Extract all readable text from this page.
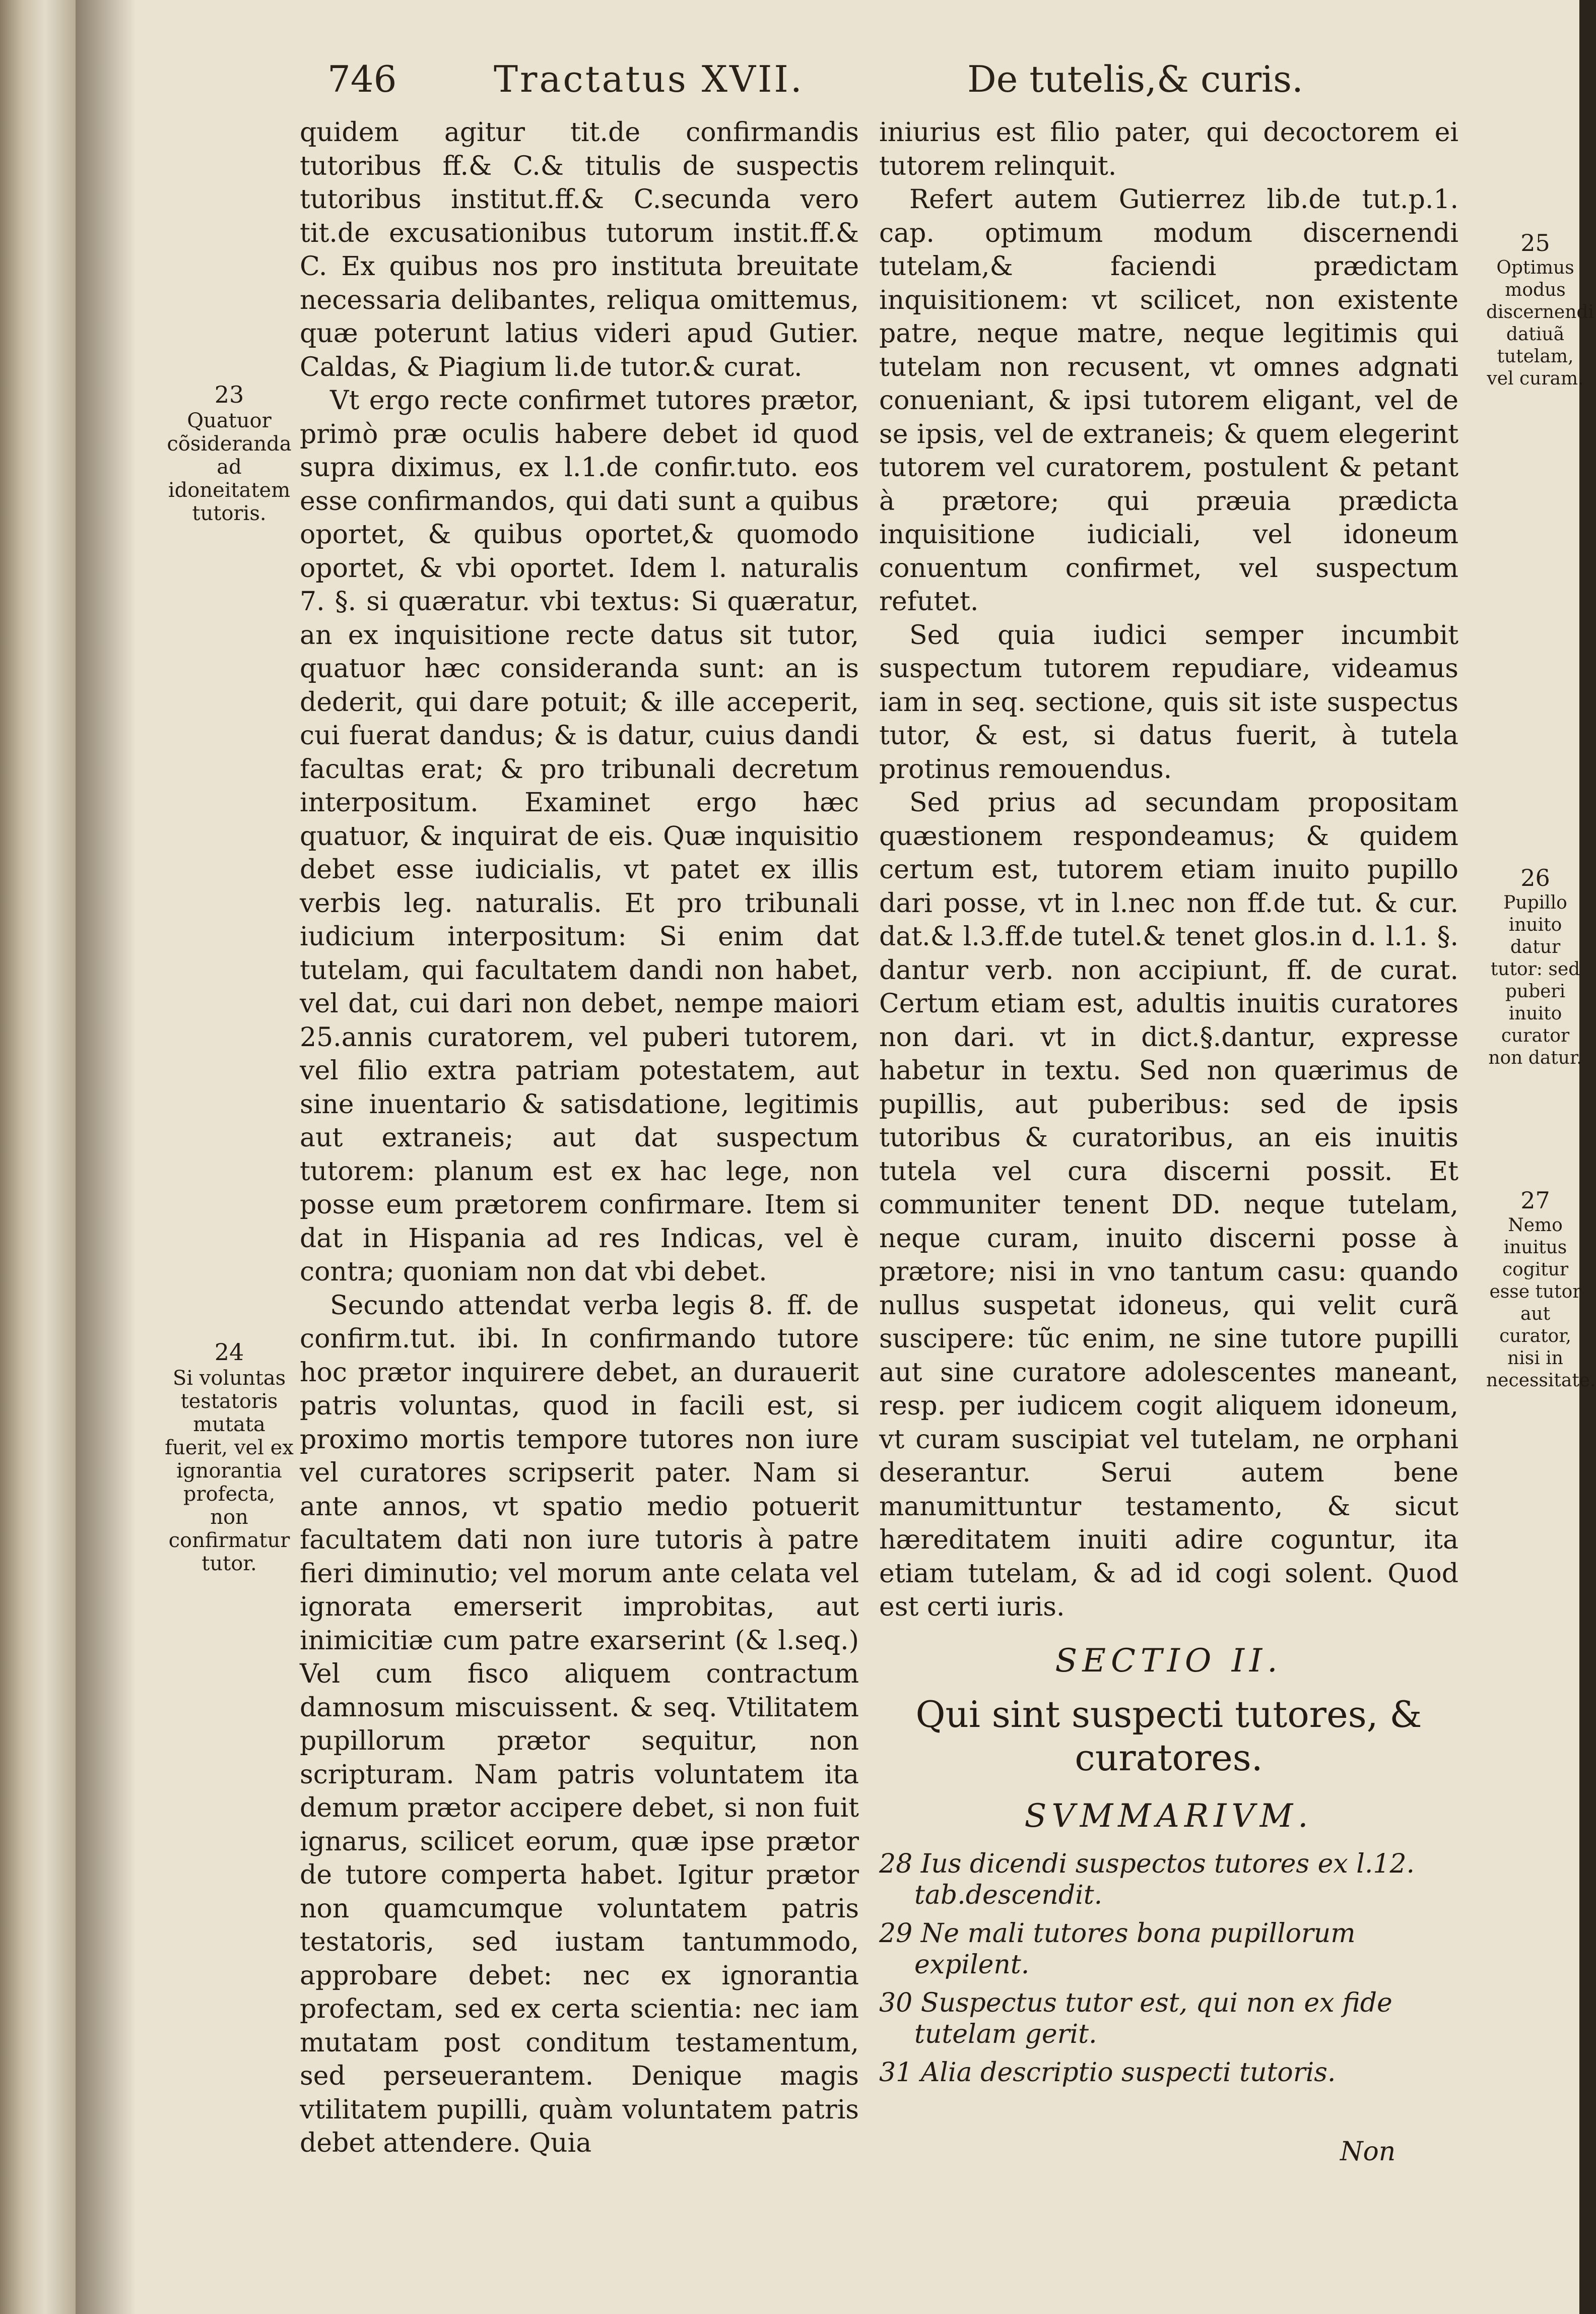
746	Tractatus XVII.	De tutelis,& curis.
23
Quatuor cõsideranda ad idoneitatem tutoris.
24
Si voluntas testatoris mutata fuerit, vel ex ignorantia profecta, non confirmatur tutor.
25
Optimus modus discernendi datiuã tutelam, vel curam.
26
Pupillo inuito datur tutor: sed puberi inuito curator non datur.
27
Nemo inuitus cogitur esse tutor aut curator, nisi in necessitate.

quidem agitur tit.de confirmandis tutoribus ff.& C.& titulis de suspectis tutoribus institut.ff.& C.secunda vero tit.de excusationibus tutorum instit.ff.& C. Ex quibus nos pro instituta breuitate necessaria delibantes, reliqua omittemus, quæ poterunt latius videri apud Gutier. Caldas, & Piagium li.de tutor.& curat.

Vt ergo recte confirmet tutores prætor, primò præ oculis habere debet id quod supra diximus, ex l.1.de confir.tuto. eos esse confirmandos, qui dati sunt a quibus oportet, & quibus oportet,& quomodo oportet, & vbi oportet. Idem l. naturalis 7. §. si quæratur. vbi textus: Si quæratur, an ex inquisitione recte datus sit tutor, quatuor hæc consideranda sunt: an is dederit, qui dare potuit; & ille acceperit, cui fuerat dandus; & is datur, cuius dandi facultas erat; & pro tribunali decretum interpositum. Examinet ergo hæc quatuor, & inquirat de eis. Quæ inquisitio debet esse iudicialis, vt patet ex illis verbis leg. naturalis. Et pro tribunali iudicium interpositum: Si enim dat tutelam, qui facultatem dandi non habet, vel dat, cui dari non debet, nempe maiori 25.annis curatorem, vel puberi tutorem, vel filio extra patriam potestatem, aut sine inuentario & satisdatione, legitimis aut extraneis; aut dat suspectum tutorem: planum est ex hac lege, non posse eum prætorem confirmare. Item si dat in Hispania ad res Indicas, vel è contra; quoniam non dat vbi debet.

Secundo attendat verba legis 8. ff. de confirm.tut. ibi. In confirmando tutore hoc prætor inquirere debet, an durauerit patris voluntas, quod in facili est, si proximo mortis tempore tutores non iure vel curatores scripserit pater. Nam si ante annos, vt spatio medio potuerit facultatem dati non iure tutoris à patre fieri diminutio; vel morum ante celata vel ignorata emerserit improbitas, aut inimicitiæ cum patre exarserint (& l.seq.) Vel cum fisco aliquem contractum damnosum miscuissent. & seq. Vtilitatem pupillorum prætor sequitur, non scripturam. Nam patris voluntatem ita demum prætor accipere debet, si non fuit ignarus, scilicet eorum, quæ ipse prætor de tutore comperta habet. Igitur prætor non quamcumque voluntatem patris testatoris, sed iustam tantummodo, approbare debet: nec ex ignorantia profectam, sed ex certa scientia: nec iam mutatam post conditum testamentum, sed perseuerantem. Denique magis vtilitatem pupilli, quàm voluntatem patris debet attendere. Quia

iniurius est filio pater, qui decoctorem ei tutorem relinquit.

Refert autem Gutierrez lib.de tut.p.1. cap. optimum modum discernendi tutelam,& faciendi prædictam inquisitionem: vt scilicet, non existente patre, neque matre, neque legitimis qui tutelam non recusent, vt omnes adgnati conueniant, & ipsi tutorem eligant, vel de se ipsis, vel de extraneis; & quem elegerint tutorem vel curatorem, postulent & petant à prætore; qui præuia prædicta inquisitione iudiciali, vel idoneum conuentum confirmet, vel suspectum refutet.

Sed quia iudici semper incumbit suspectum tutorem repudiare, videamus iam in seq. sectione, quis sit iste suspectus tutor, & est, si datus fuerit, à tutela protinus remouendus.

Sed prius ad secundam propositam quæstionem respondeamus; & quidem certum est, tutorem etiam inuito pupillo dari posse, vt in l.nec non ff.de tut. & cur. dat.& l.3.ff.de tutel.& tenet glos.in d. l.1. §. dantur verb. non accipiunt, ff. de curat. Certum etiam est, adultis inuitis curatores non dari. vt in dict.§.dantur, expresse habetur in textu. Sed non quærimus de pupillis, aut puberibus: sed de ipsis tutoribus & curatoribus, an eis inuitis tutela vel cura discerni possit. Et communiter tenent DD. neque tutelam, neque curam, inuito discerni posse à prætore; nisi in vno tantum casu: quando nullus suspetat idoneus, qui velit curã suscipere: tũc enim, ne sine tutore pupilli aut sine curatore adolescentes maneant, resp. per iudicem cogit aliquem idoneum, vt curam suscipiat vel tutelam, ne orphani deserantur. Serui autem bene manumittuntur testamento, & sicut hæreditatem inuiti adire coguntur, ita etiam tutelam, & ad id cogi solent. Quod est certi iuris.

SECTIO II.
Qui sint suspecti tutores, & curatores.
SVMMARIVM.
28 Ius dicendi suspectos tutores ex l.12. tab.descendit.
29 Ne mali tutores bona pupillorum expilent.
30 Suspectus tutor est, qui non ex fide tutelam gerit.
31 Alia descriptio suspecti tutoris.
Non
